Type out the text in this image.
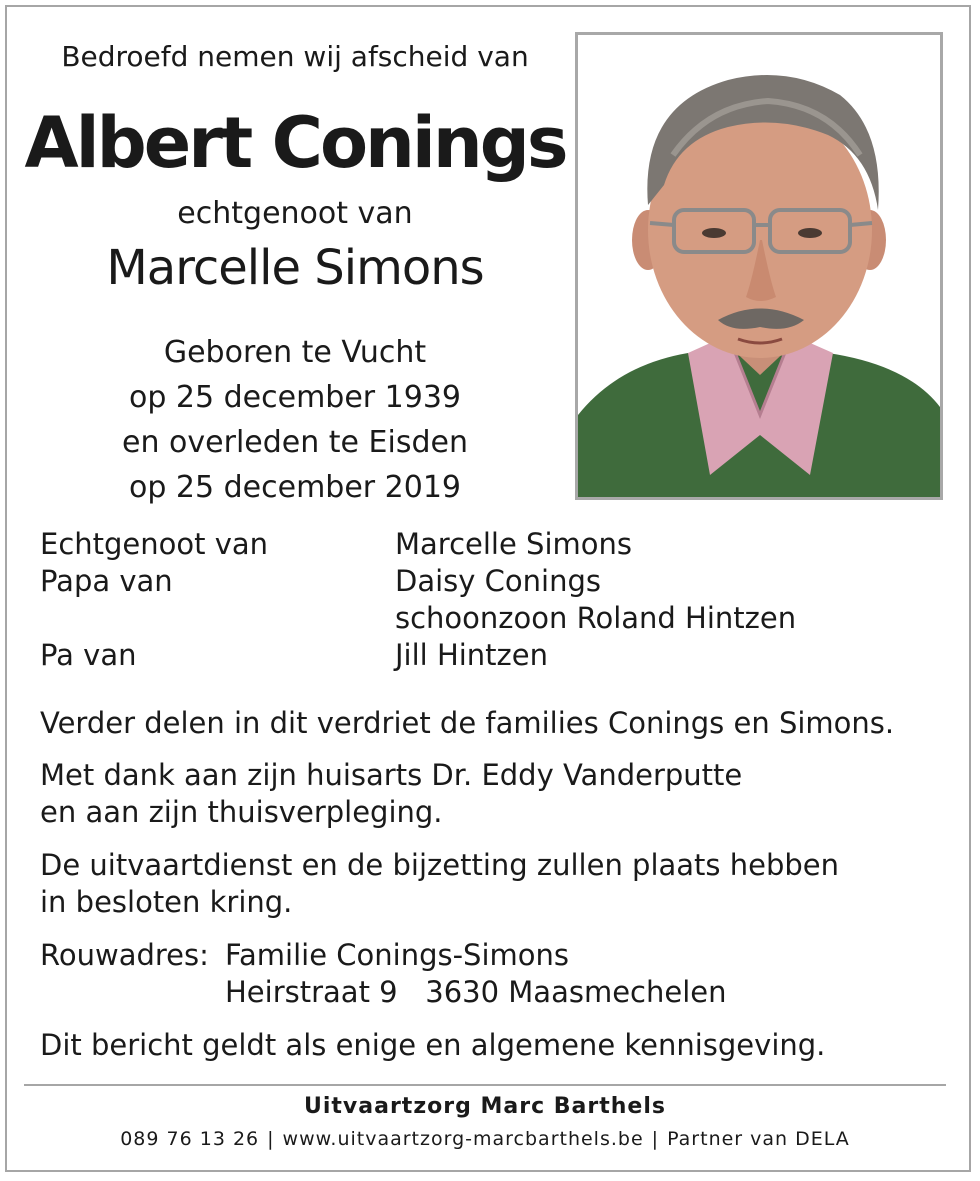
Bedroefd nemen wij afscheid van
Albert Conings
echtgenoot van
Marcelle Simons
Geboren te Vucht
op 25 december 1939
en overleden te Eisden
op 25 december 2019
Echtgenoot van	Marcelle Simons
Papa van	Daisy Conings
schoonzoon Roland Hintzen
Pa van	Jill Hintzen
Verder delen in dit verdriet de families Conings en Simons.
Met dank aan zijn huisarts Dr. Eddy Vanderputte
en aan zijn thuisverpleging.
De uitvaartdienst en de bijzetting zullen plaats hebben
in besloten kring.
Rouwadres: Familie Conings-Simons
Heirstraat 9   3630 Maasmechelen
Dit bericht geldt als enige en algemene kennisgeving.
Uitvaartzorg Marc Barthels
089 76 13 26 | www.uitvaartzorg-marcbarthels.be | Partner van DELA
